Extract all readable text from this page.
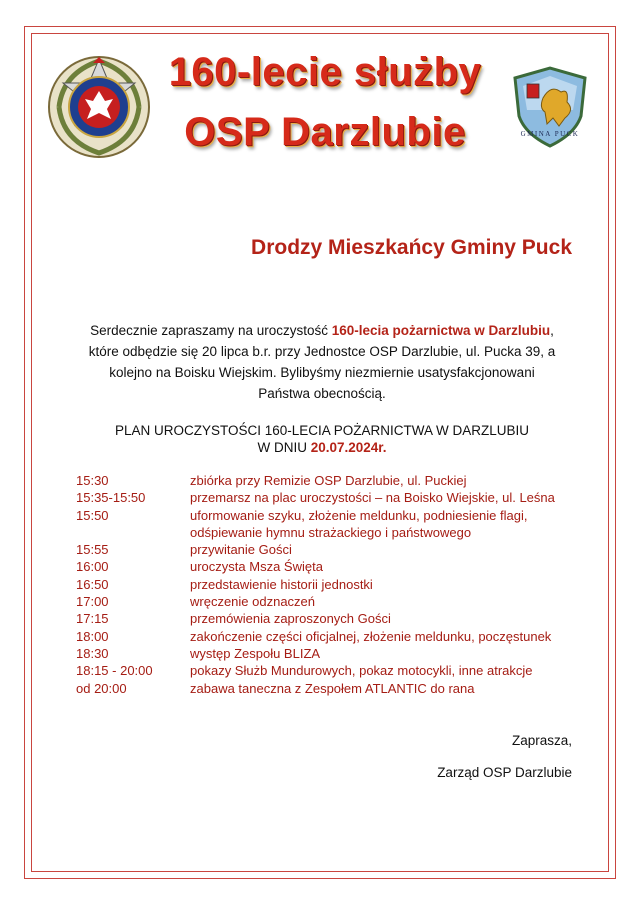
GMINA PUCK
160-lecie służby
OSP Darzlubie
Drodzy Mieszkańcy Gminy Puck
Serdecznie zapraszamy na uroczystość 160-lecia pożarnictwa w Darzlubiu, które odbędzie się 20 lipca b.r. przy Jednostce OSP Darzlubie, ul. Pucka 39, a kolejno na Boisku Wiejskim. Bylibyśmy niezmiernie usatysfakcjonowani Państwa obecnością.
PLAN UROCZYSTOŚCI 160-LECIA POŻARNICTWA W DARZLUBIU
W DNIU 20.07.2024r.
15:30	zbiórka przy Remizie OSP Darzlubie, ul. Puckiej
15:35-15:50	przemarsz na plac uroczystości – na Boisko Wiejskie, ul. Leśna
15:50	uformowanie szyku, złożenie meldunku, podniesienie flagi,
odśpiewanie hymnu strażackiego i państwowego
15:55	przywitanie Gości
16:00	uroczysta Msza Święta
16:50	przedstawienie historii jednostki
17:00	wręczenie odznaczeń
17:15	przemówienia zaproszonych Gości
18:00	zakończenie części oficjalnej, złożenie meldunku, poczęstunek
18:30	występ Zespołu BLIZA
18:15 - 20:00	pokazy Służb Mundurowych, pokaz motocykli, inne atrakcje
od 20:00	zabawa taneczna z Zespołem ATLANTIC do rana
Zaprasza,
Zarząd OSP Darzlubie
